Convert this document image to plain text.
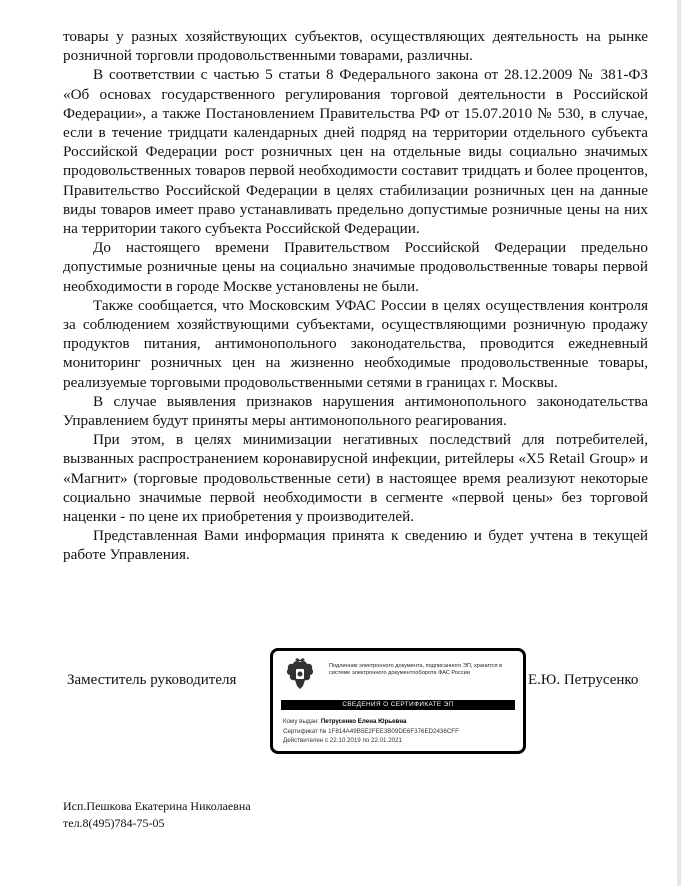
товары у разных хозяйствующих субъектов, осуществляющих деятельность на рынке розничной торговли продовольственными товарами, различны.

В соответствии с частью 5 статьи 8 Федерального закона от 28.12.2009 № 381-ФЗ «Об основах государственного регулирования торговой деятельности в Российской Федерации», а также Постановлением Правительства РФ от 15.07.2010 № 530, в случае, если в течение тридцати календарных дней подряд на территории отдельного субъекта Российской Федерации рост розничных цен на отдельные виды социально значимых продовольственных товаров первой необходимости составит тридцать и более процентов, Правительство Российской Федерации в целях стабилизации розничных цен на данные виды товаров имеет право устанавливать предельно допустимые розничные цены на них на территории такого субъекта Российской Федерации.

До настоящего времени Правительством Российской Федерации предельно допустимые розничные цены на социально значимые продовольственные товары первой необходимости в городе Москве установлены не были.

Также сообщается, что Московским УФАС России в целях осуществления контроля за соблюдением хозяйствующими субъектами, осуществляющими розничную продажу продуктов питания, антимонопольного законодательства, проводится ежедневный мониторинг розничных цен на жизненно необходимые продовольственные товары, реализуемые торговыми продовольственными сетями в границах г. Москвы.

В случае выявления признаков нарушения антимонопольного законодательства Управлением будут приняты меры антимонопольного реагирования.

При этом, в целях минимизации негативных последствий для потребителей, вызванных распространением коронавирусной инфекции, ритейлеры «X5 Retail Group» и «Магнит» (торговые продовольственные сети) в настоящее время реализуют некоторые социально значимые первой необходимости в сегменте «первой цены» без торговой наценки - по цене их приобретения у производителей.

Представленная Вами информация принята к сведению и будет учтена в текущей работе Управления.

Заместитель руководителя	Е.Ю. Петрусенко
Подлинник электронного документа, подписанного ЭП, хранится в системе электронного документооборота ФАС России
СВЕДЕНИЯ О СЕРТИФИКАТЕ ЭП
Кому выдан: Петрусенко Елена Юрьевна
Сертификат № 1F814A49B5E2FEE3B09DE6F376ED2436CFF
Действителен с 22.10.2019 по 22.01.2021
Исп.Пешкова Екатерина Николаевна
тел.8(495)784-75-05
